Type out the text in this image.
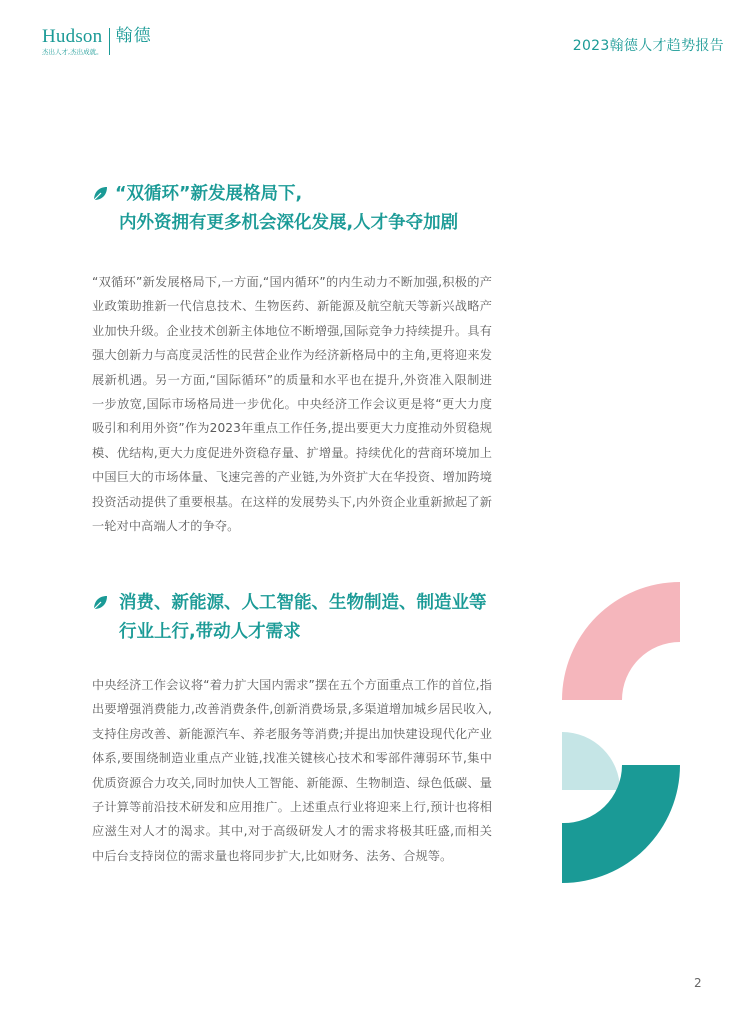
Hudson
杰出人才,杰出成就。
翰德	2023翰德人才趋势报告
“双循环”新发展格局下,
内外资拥有更多机会深化发展,人才争夺加剧
“双循环”新发展格局下,一方面,“国内循环”的内生动力不断加强,积极的产业政策助推新一代信息技术、生物医药、新能源及航空航天等新兴战略产业加快升级。企业技术创新主体地位不断增强,国际竞争力持续提升。具有强大创新力与高度灵活性的民营企业作为经济新格局中的主角,更将迎来发展新机遇。另一方面,“国际循环”的质量和水平也在提升,外资准入限制进一步放宽,国际市场格局进一步优化。中央经济工作会议更是将“更大力度吸引和利用外资”作为2023年重点工作任务,提出要更大力度推动外贸稳规模、优结构,更大力度促进外资稳存量、扩增量。持续优化的营商环境加上中国巨大的市场体量、飞速完善的产业链,为外资扩大在华投资、增加跨境投资活动提供了重要根基。在这样的发展势头下,内外资企业重新掀起了新一轮对中高端人才的争夺。
消费、新能源、人工智能、生物制造、制造业等
行业上行,带动人才需求
中央经济工作会议将“着力扩大国内需求”摆在五个方面重点工作的首位,指出要增强消费能力,改善消费条件,创新消费场景,多渠道增加城乡居民收入,支持住房改善、新能源汽车、养老服务等消费;并提出加快建设现代化产业体系,要围绕制造业重点产业链,找准关键核心技术和零部件薄弱环节,集中优质资源合力攻关,同时加快人工智能、新能源、生物制造、绿色低碳、量子计算等前沿技术研发和应用推广。上述重点行业将迎来上行,预计也将相应滋生对人才的渴求。其中,对于高级研发人才的需求将极其旺盛,而相关中后台支持岗位的需求量也将同步扩大,比如财务、法务、合规等。
2
